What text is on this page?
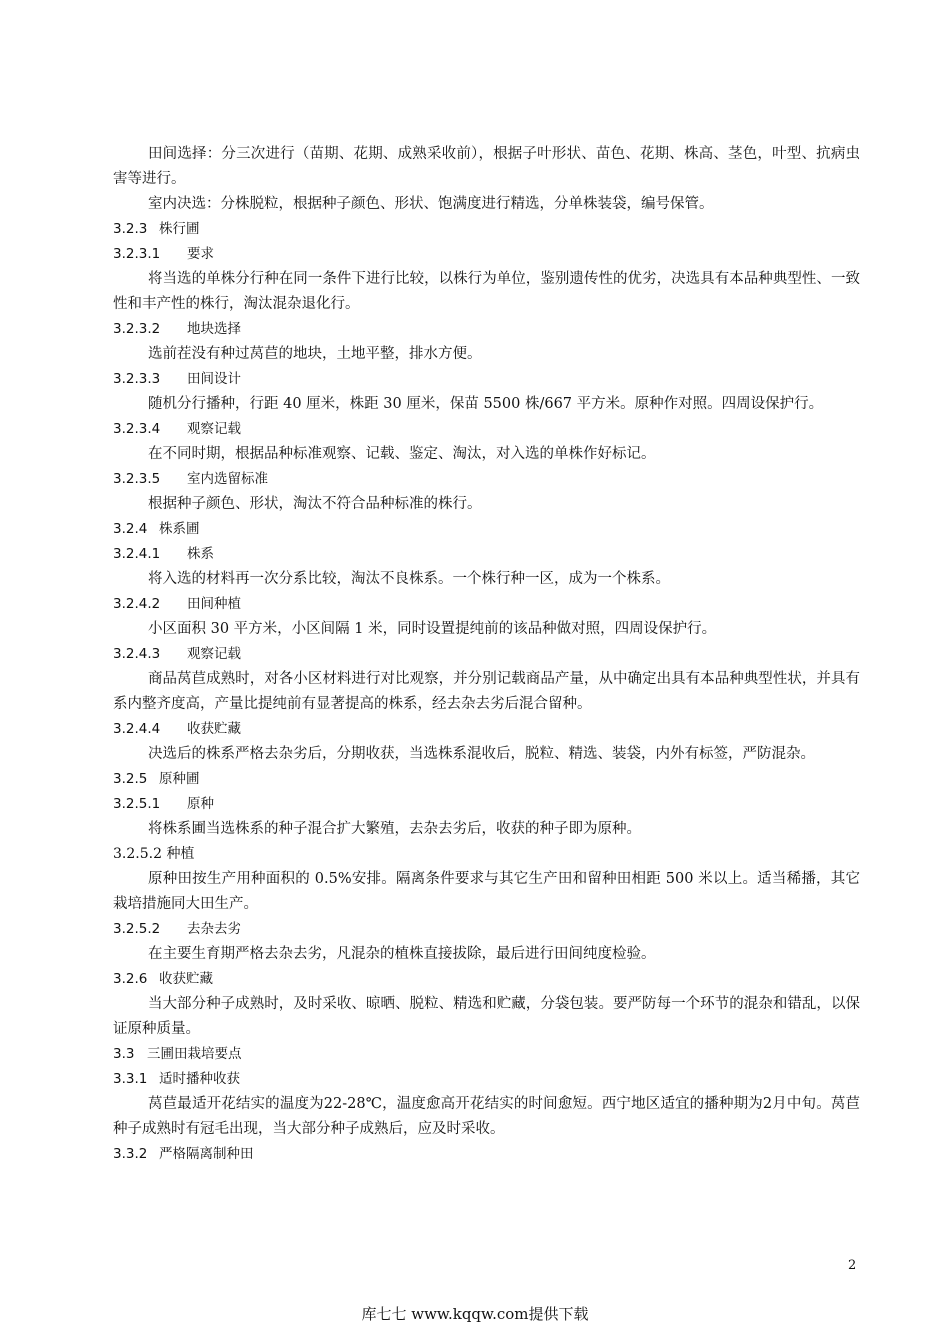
田间选择：分三次进行（苗期、花期、成熟采收前），根据子叶形状、苗色、花期、株高、茎色，叶型、抗病虫害等进行。

室内决选：分株脱粒，根据种子颜色、形状、饱满度进行精选，分单株装袋，编号保管。

3.2.3 株行圃
3.2.3.1 要求

将当选的单株分行种在同一条件下进行比较，以株行为单位，鉴别遗传性的优劣，决选具有本品种典型性、一致性和丰产性的株行，淘汰混杂退化行。

3.2.3.2 地块选择

选前茬没有种过莴苣的地块，土地平整，排水方便。

3.2.3.3 田间设计

随机分行播种，行距 40 厘米，株距 30 厘米，保苗 5500 株/667 平方米。原种作对照。四周设保护行。

3.2.3.4 观察记载

在不同时期，根据品种标准观察、记载、鉴定、淘汰，对入选的单株作好标记。

3.2.3.5 室内选留标准

根据种子颜色、形状，淘汰不符合品种标准的株行。

3.2.4 株系圃
3.2.4.1 株系

将入选的材料再一次分系比较，淘汰不良株系。一个株行种一区，成为一个株系。

3.2.4.2 田间种植

小区面积 30 平方米，小区间隔 1 米，同时设置提纯前的该品种做对照，四周设保护行。

3.2.4.3 观察记载

商品莴苣成熟时，对各小区材料进行对比观察，并分别记载商品产量，从中确定出具有本品种典型性状，并具有系内整齐度高，产量比提纯前有显著提高的株系，经去杂去劣后混合留种。

3.2.4.4 收获贮藏

决选后的株系严格去杂劣后，分期收获，当选株系混收后，脱粒、精选、装袋，内外有标签，严防混杂。

3.2.5 原种圃
3.2.5.1 原种

将株系圃当选株系的种子混合扩大繁殖，去杂去劣后，收获的种子即为原种。

3.2.5.2 种植

原种田按生产用种面积的 0.5%安排。隔离条件要求与其它生产田和留种田相距 500 米以上。适当稀播，其它栽培措施同大田生产。

3.2.5.2 去杂去劣

在主要生育期严格去杂去劣，凡混杂的植株直接拔除，最后进行田间纯度检验。

3.2.6 收获贮藏

当大部分种子成熟时，及时采收、晾晒、脱粒、精选和贮藏，分袋包装。要严防每一个环节的混杂和错乱，以保证原种质量。

3.3 三圃田栽培要点
3.3.1 适时播种收获

莴苣最适开花结实的温度为22-28℃，温度愈高开花结实的时间愈短。西宁地区适宜的播种期为2月中旬。莴苣种子成熟时有冠毛出现，当大部分种子成熟后，应及时采收。

3.3.2 严格隔离制种田
2
库七七 www.kqqw.com提供下载
